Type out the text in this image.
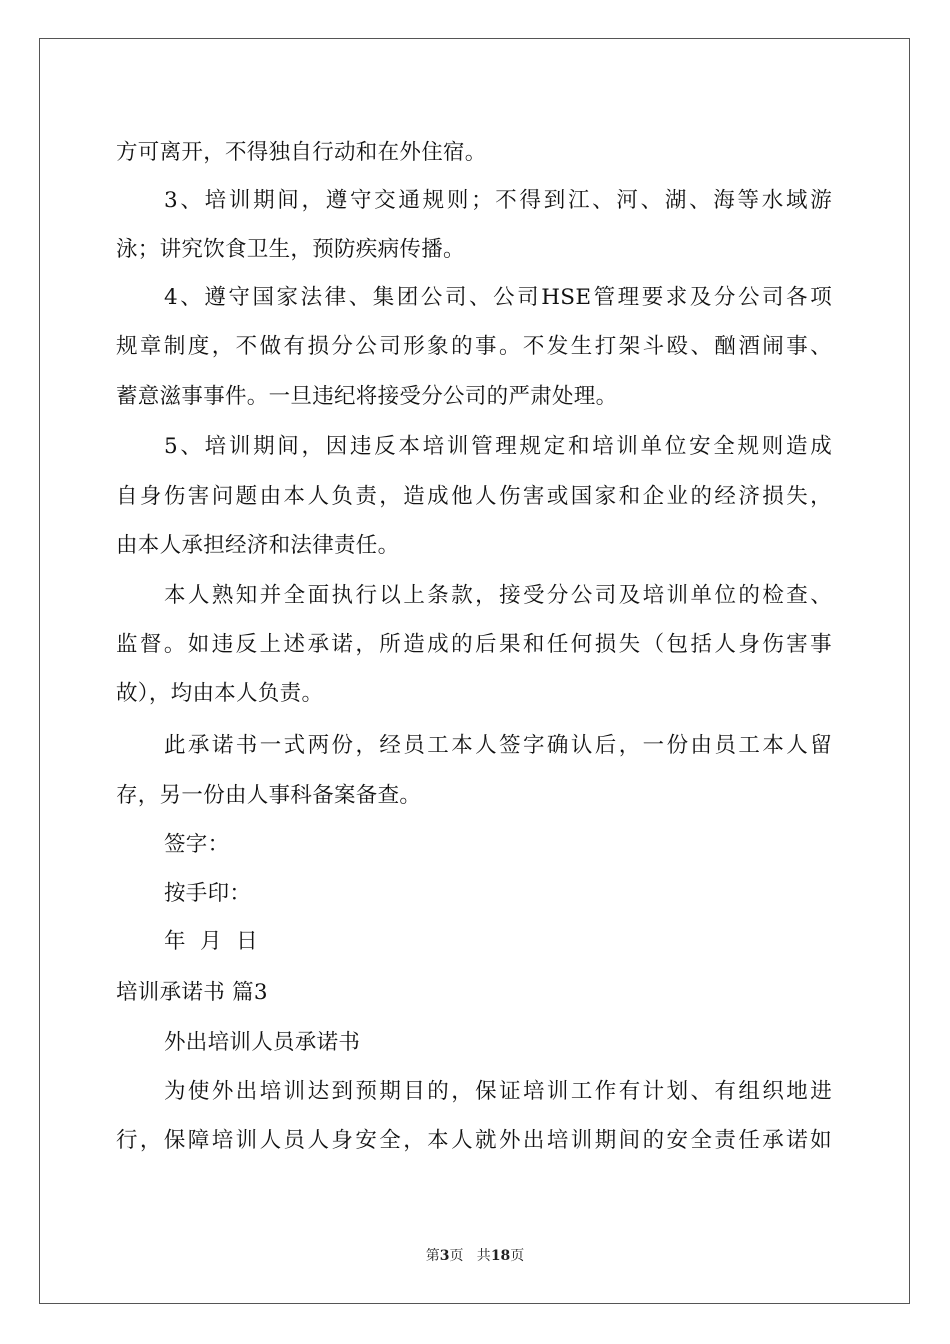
方可离开，不得独自行动和在外住宿。
3、培训期间，遵守交通规则；不得到江、河、湖、海等水域游
泳；讲究饮食卫生，预防疾病传播。
4、遵守国家法律、集团公司、公司HSE管理要求及分公司各项
规章制度，不做有损分公司形象的事。不发生打架斗殴、酗酒闹事、
蓄意滋事事件。一旦违纪将接受分公司的严肃处理。
5、培训期间，因违反本培训管理规定和培训单位安全规则造成
自身伤害问题由本人负责，造成他人伤害或国家和企业的经济损失，
由本人承担经济和法律责任。
本人熟知并全面执行以上条款，接受分公司及培训单位的检查、
监督。如违反上述承诺，所造成的后果和任何损失（包括人身伤害事
故），均由本人负责。
此承诺书一式两份，经员工本人签字确认后，一份由员工本人留
存，另一份由人事科备案备查。
签字：
按手印：
年  月  日
培训承诺书 篇3
外出培训人员承诺书
为使外出培训达到预期目的，保证培训工作有计划、有组织地进
行，保障培训人员人身安全，本人就外出培训期间的安全责任承诺如
第3页   共18页
